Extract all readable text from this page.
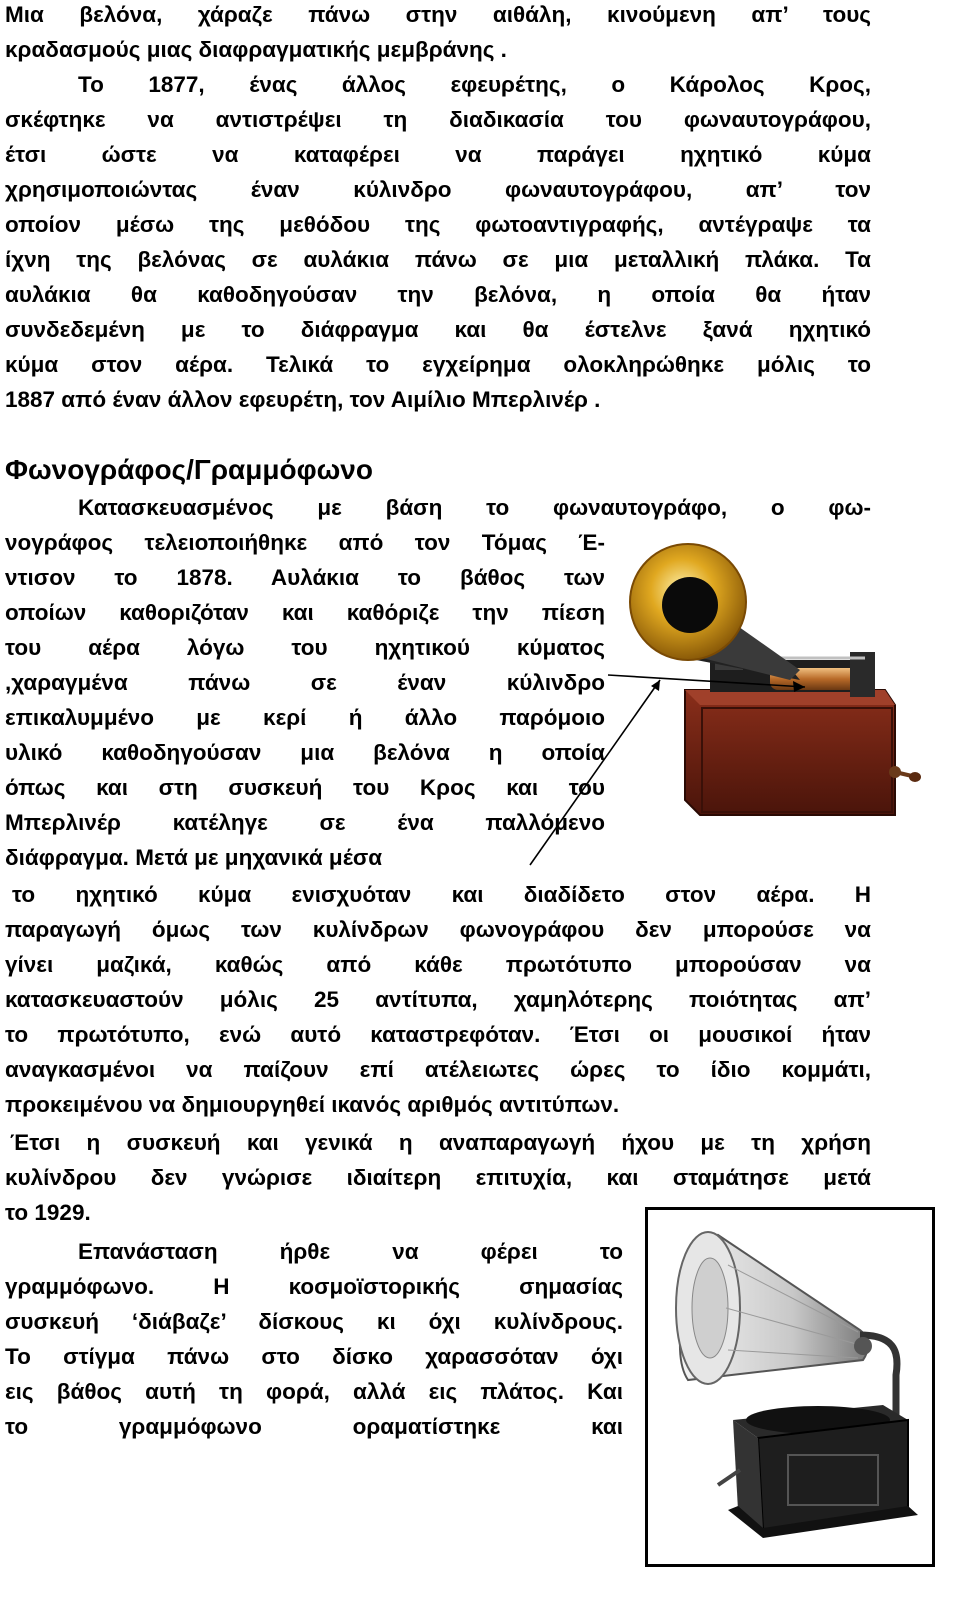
Μια βελόνα, χάραζε πάνω στην αιθάλη, κινούμενη απ’ τους
κραδασμούς μιας διαφραγματικής μεμβράνης .
Το 1877, ένας άλλος εφευρέτης, ο Κάρολος Κρος,
σκέφτηκε να αντιστρέψει τη διαδικασία του φωναυτογράφου,
έτσι ώστε να καταφέρει να παράγει ηχητικό κύμα
χρησιμοποιώντας έναν κύλινδρο φωναυτογράφου, απ’ τον
οποίον μέσω της μεθόδου της φωτοαντιγραφής, αντέγραψε τα
ίχνη της βελόνας σε αυλάκια πάνω σε μια μεταλλική πλάκα. Τα
αυλάκια θα καθοδηγούσαν την βελόνα, η οποία θα ήταν
συνδεδεμένη με το διάφραγμα και θα έστελνε ξανά ηχητικό
κύμα στον αέρα. Τελικά το εγχείρημα ολοκληρώθηκε μόλις το
1887 από έναν άλλον εφευρέτη, τον Αιμίλιο Μπερλινέρ .
Φωνογράφος/Γραμμόφωνο
Κατασκευασμένος με βάση το φωναυτογράφο, ο φω-
νογράφος τελειοποιήθηκε από τον Τόμας Έ-
ντισον το 1878. Αυλάκια το βάθος των
οποίων καθοριζόταν και καθόριζε την πίεση
του αέρα λόγω του ηχητικού κύματος
,χαραγμένα πάνω σε έναν κύλινδρο
επικαλυμμένο με κερί ή άλλο παρόμοιο
υλικό καθοδηγούσαν μια βελόνα η οποία
όπως και στη συσκευή του Κρος και του
Μπερλινέρ κατέληγε σε ένα παλλόμενο
διάφραγμα. Μετά με μηχανικά μέσα
το ηχητικό κύμα ενισχυόταν και διαδίδετο στον αέρα. Η
παραγωγή όμως των κυλίνδρων φωνογράφου δεν μπορούσε να
γίνει μαζικά, καθώς από κάθε πρωτότυπο μπορούσαν να
κατασκευαστούν μόλις 25 αντίτυπα, χαμηλότερης ποιότητας απ’
το πρωτότυπο, ενώ αυτό καταστρεφόταν. Έτσι οι μουσικοί ήταν
αναγκασμένοι να παίζουν επί ατέλειωτες ώρες το ίδιο κομμάτι,
προκειμένου να δημιουργηθεί ικανός αριθμός αντιτύπων.
Έτσι η συσκευή και γενικά η αναπαραγωγή ήχου με τη χρήση
κυλίνδρου δεν γνώρισε ιδιαίτερη επιτυχία, και σταμάτησε μετά
το 1929.
Επανάσταση ήρθε να φέρει το
γραμμόφωνο. Η κοσμοϊστορικής σημασίας
συσκευή ‘διάβαζε’ δίσκους κι όχι κυλίνδρους.
Το στίγμα πάνω στο δίσκο χαρασσόταν όχι
εις βάθος αυτή τη φορά, αλλά εις πλάτος. Και
το γραμμόφωνο οραματίστηκε και
